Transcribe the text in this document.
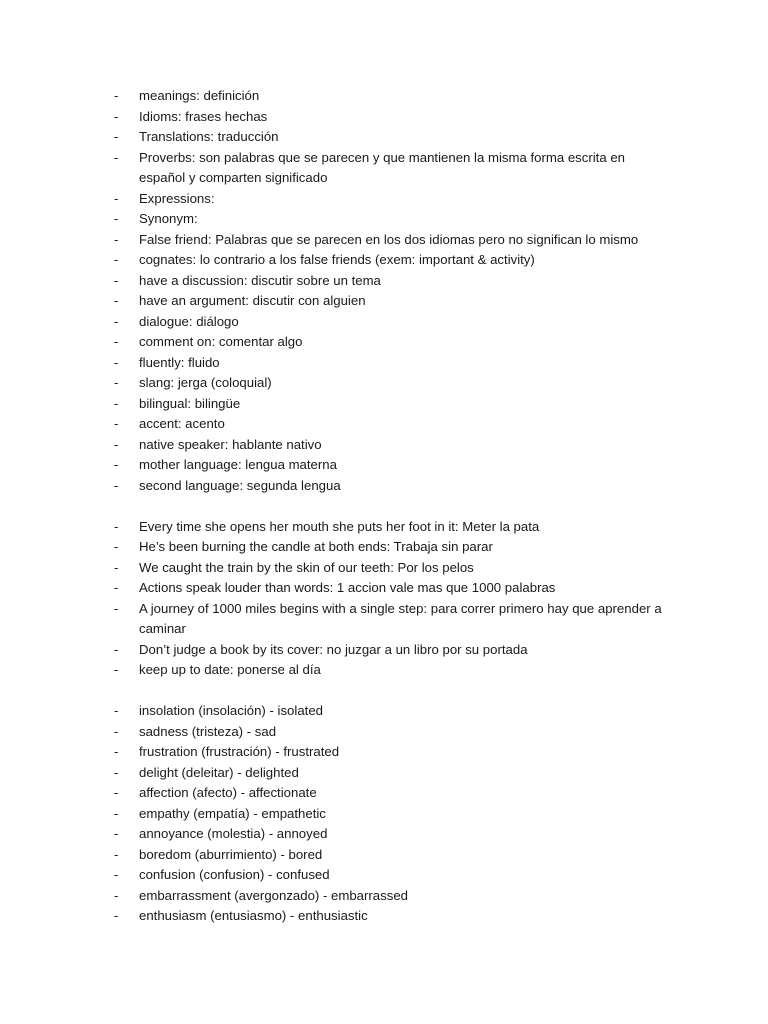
-	meanings: definición
-	Idioms: frases hechas
-	Translations: traducción
-	Proverbs: son palabras que se parecen y que mantienen la misma forma escrita en español y comparten significado
-	Expressions:
-	Synonym:
-	False friend: Palabras que se parecen en los dos idiomas pero no significan lo mismo
-	cognates: lo contrario a los false friends (exem: important & activity)
-	have a discussion: discutir sobre un tema
-	have an argument: discutir con alguien
-	dialogue: diálogo
-	comment on: comentar algo
-	fluently: fluido
-	slang: jerga (coloquial)
-	bilingual: bilingüe
-	accent: acento
-	native speaker: hablante nativo
-	mother language: lengua materna
-	second language: segunda lengua
-	Every time she opens her mouth she puts her foot in it: Meter la pata
-	He’s been burning the candle at both ends: Trabaja sin parar
-	We caught the train by the skin of our teeth: Por los pelos
-	Actions speak louder than words: 1 accion vale mas que 1000 palabras
-	A journey of 1000 miles begins with a single step: para correr primero hay que aprender a caminar
-	Don’t judge a book by its cover: no juzgar a un libro por su portada
-	keep up to date: ponerse al día
-	insolation (insolación) - isolated
-	sadness (tristeza) - sad
-	frustration (frustración) - frustrated
-	delight (deleitar) - delighted
-	affection (afecto) - affectionate
-	empathy (empatía) - empathetic
-	annoyance (molestia) - annoyed
-	boredom (aburrimiento) - bored
-	confusion (confusion) - confused
-	embarrassment (avergonzado) - embarrassed
-	enthusiasm (entusiasmo) - enthusiastic
